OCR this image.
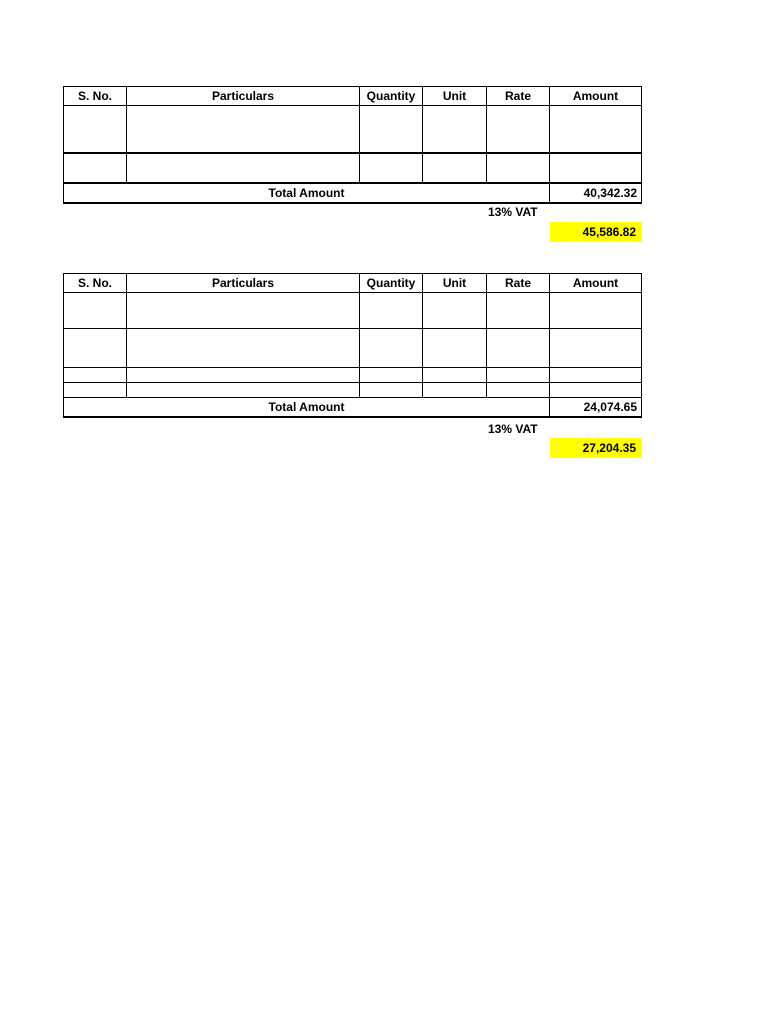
S. No.	Particulars	Quantity	Unit	Rate	Amount

Total Amount					40,342.32
13% VAT
45,586.82
S. No.	Particulars	Quantity	Unit	Rate	Amount

Total Amount					24,074.65
13% VAT
27,204.35
